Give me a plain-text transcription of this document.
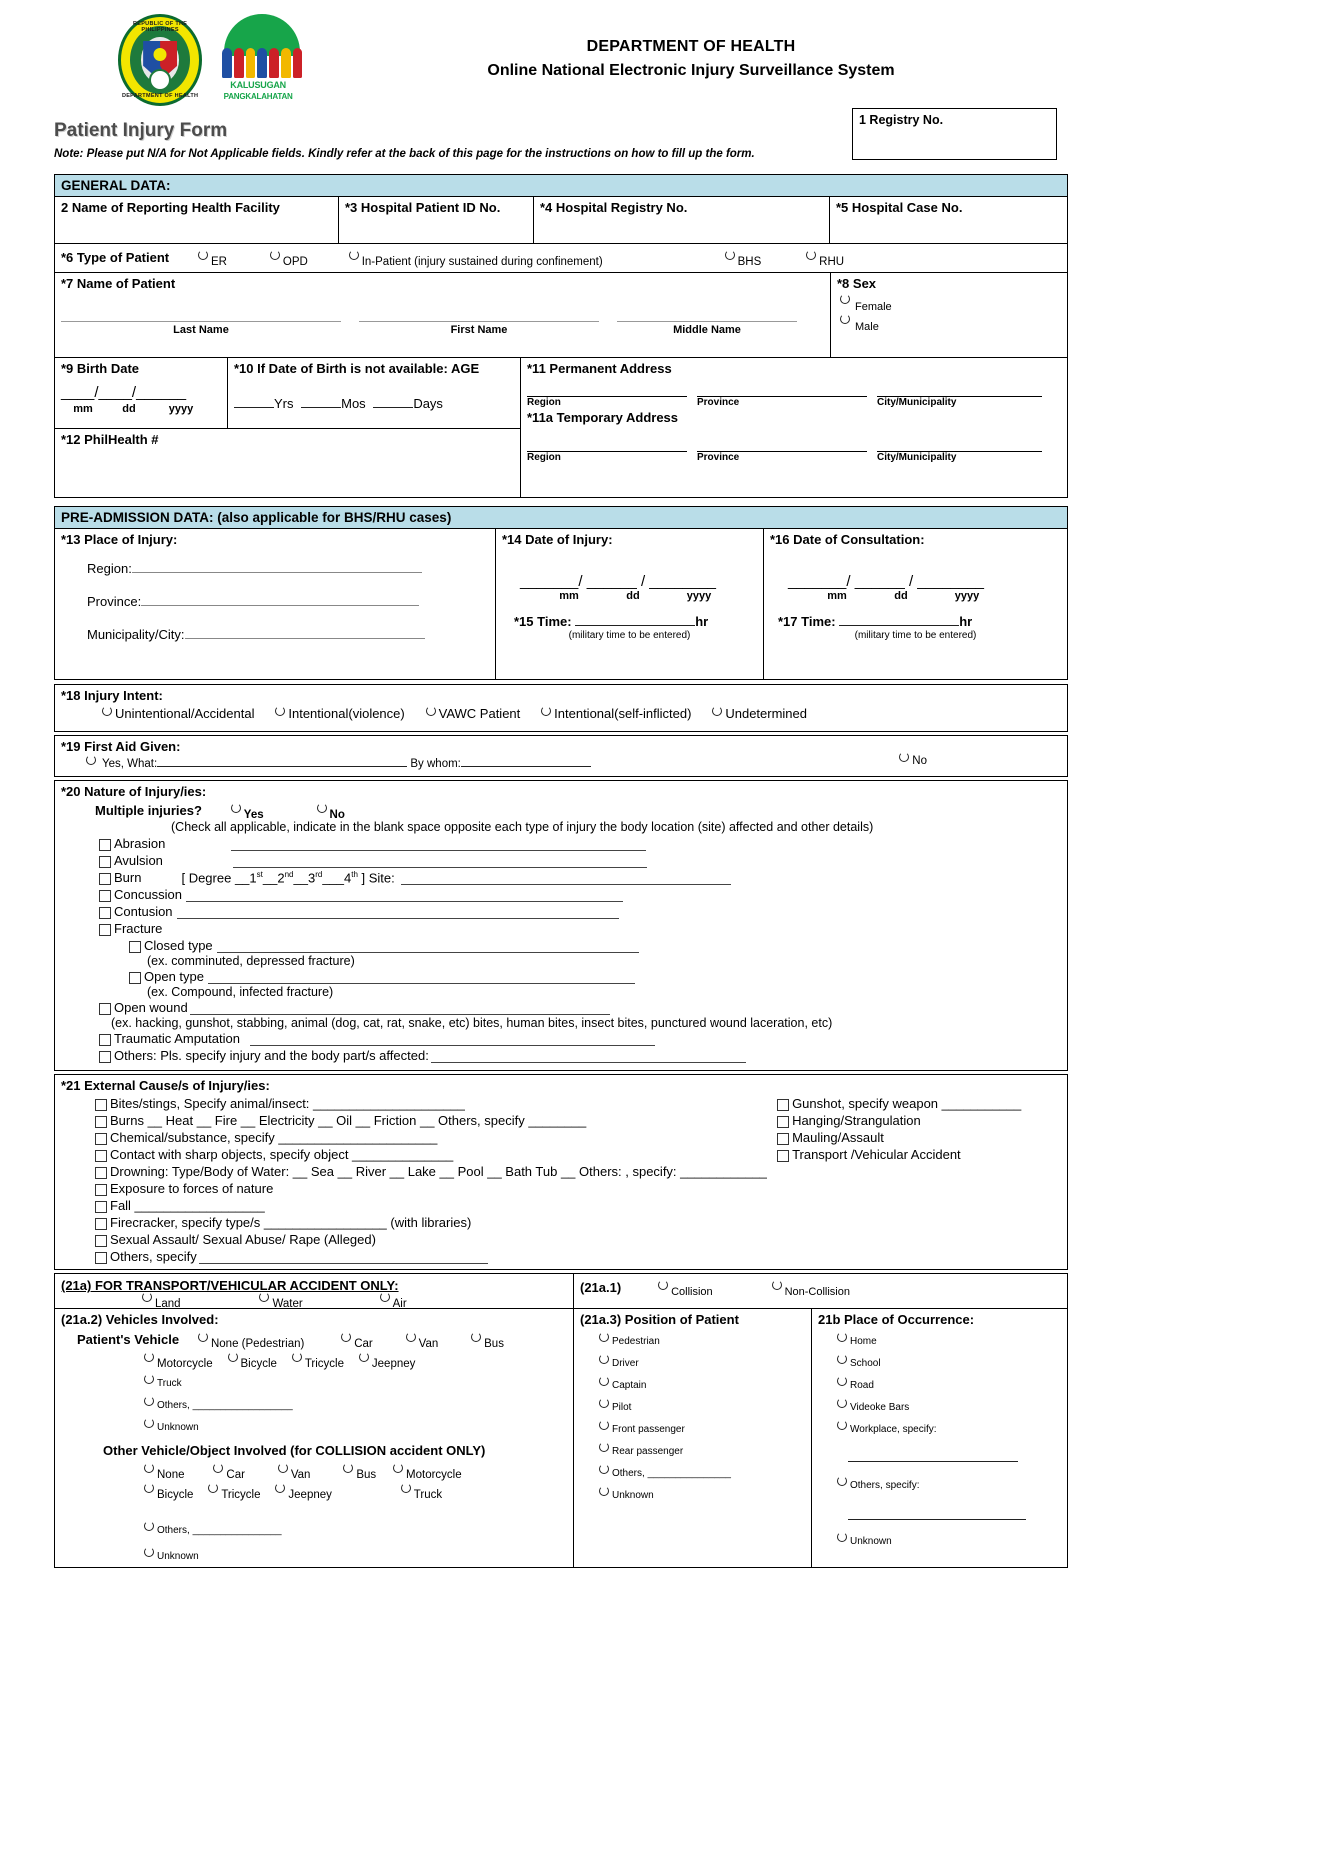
REPUBLIC OF THE PHILIPPINES
DEPARTMENT OF HEALTH
KALUSUGAN
PANGKALAHATAN
DEPARTMENT OF HEALTH
Online National Electronic Injury Surveillance System
Patient Injury Form
Note: Please put N/A for Not Applicable fields. Kindly refer at the back of this page for the instructions on how to fill up the form.
1 Registry No.
GENERAL DATA:
2 Name of Reporting Health Facility	*3 Hospital Patient ID No.	*4 Hospital Registry No.	*5 Hospital Case No.
*6 Type of Patient	$_{ER}$	$_{OPD}$	$_{In-Patient (injury sustained during confinement)}$	$_{BHS}$	$_{RHU}$
*7 Name of Patient
Last Name	First Name	Middle Name
*8 Sex
$_{Female}$
$_{Male}$
*9 Birth Date
____/____/______
mm	dd	yyyy
*10 If Date of Birth is not available: AGE
Yrs	Mos	Days
*12 PhilHealth #
*11 Permanent Address
Region	Province	City/Municipality
*11a Temporary Address
Region	Province	City/Municipality
PRE-ADMISSION DATA: (also applicable for BHS/RHU cases)
*13 Place of Injury:
Region:
Province:
Municipality/City:
*14 Date of Injury:
_______/ ______ / ________
mm	dd	yyyy
*15 Time:	hr
(military time to be entered)
*16 Date of Consultation:
_______/ ______ / ________
mm	dd	yyyy
*17 Time:	hr
(military time to be entered)
*18 Injury Intent:
Unintentional/Accidental	Intentional(violence)	VAWC Patient	Intentional(self-inflicted)	Undetermined
*19 First Aid Given:
Yes, What:	By whom:	No
*20 Nature of Injury/ies:
Multiple injuries?	$_{Yes}$	$_{No}$
(Check all applicable, indicate in the blank space opposite each type of injury the body location (site) affected and other details)
Abrasion
Avulsion
Burn	[ Degree __1st__2nd__3rd___4th ] Site:
Concussion
Contusion
Fracture
Closed type
(ex. comminuted, depressed fracture)
Open type
(ex. Compound, infected fracture)
Open wound
(ex. hacking, gunshot, stabbing, animal (dog, cat, rat, snake, etc) bites, human bites, insect bites, punctured wound laceration, etc)
Traumatic Amputation
Others: Pls. specify injury and the body part/s affected:
*21 External Cause/s of Injury/ies:
Bites/stings, Specify animal/insect: _____________________
Burns __ Heat __ Fire __ Electricity __ Oil __ Friction __ Others, specify ________
Chemical/substance, specify ______________________
Contact with sharp objects, specify object ______________
Drowning: Type/Body of Water: __ Sea __ River __ Lake __ Pool __ Bath Tub __ Others: , specify: ____________
Exposure to forces of nature
Fall __________________
Firecracker, specify type/s _________________ (with libraries)
Sexual Assault/ Sexual Abuse/ Rape (Alleged)
Others, specify
Gunshot, specify weapon ___________
Hanging/Strangulation
Mauling/Assault
Transport /Vehicular Accident
(21a) FOR TRANSPORT/VEHICULAR ACCIDENT ONLY:
$_{Land}$	$_{Water}$	$_{Air}$
(21a.1)	$_{Collision}$	$_{Non-Collision}$
(21a.2) Vehicles Involved:
Patient's Vehicle	$_{None (Pedestrian)}$	$_{Car}$	$_{Van}$	$_{Bus}$
$_{Motorcycle}$ $_{Bicycle}$ $_{Tricycle}$ $_{Jeepney}$
Truck
Others, __________________
Unknown
Other Vehicle/Object Involved (for COLLISION accident ONLY)
$_{None}$	$_{Car}$	$_{Van}$	$_{Bus}$	$_{Motorcycle}$
$_{Bicycle}$ $_{Tricycle}$ $_{Jeepney}$	$_{Truck}$
Others, ________________
Unknown
(21a.3) Position of Patient
Pedestrian
Driver
Captain
Pilot
Front passenger
Rear passenger
Others, _______________
Unknown
21b Place of Occurrence:
Home
School
Road
Videoke Bars
Workplace, specify:
Others, specify:
Unknown
